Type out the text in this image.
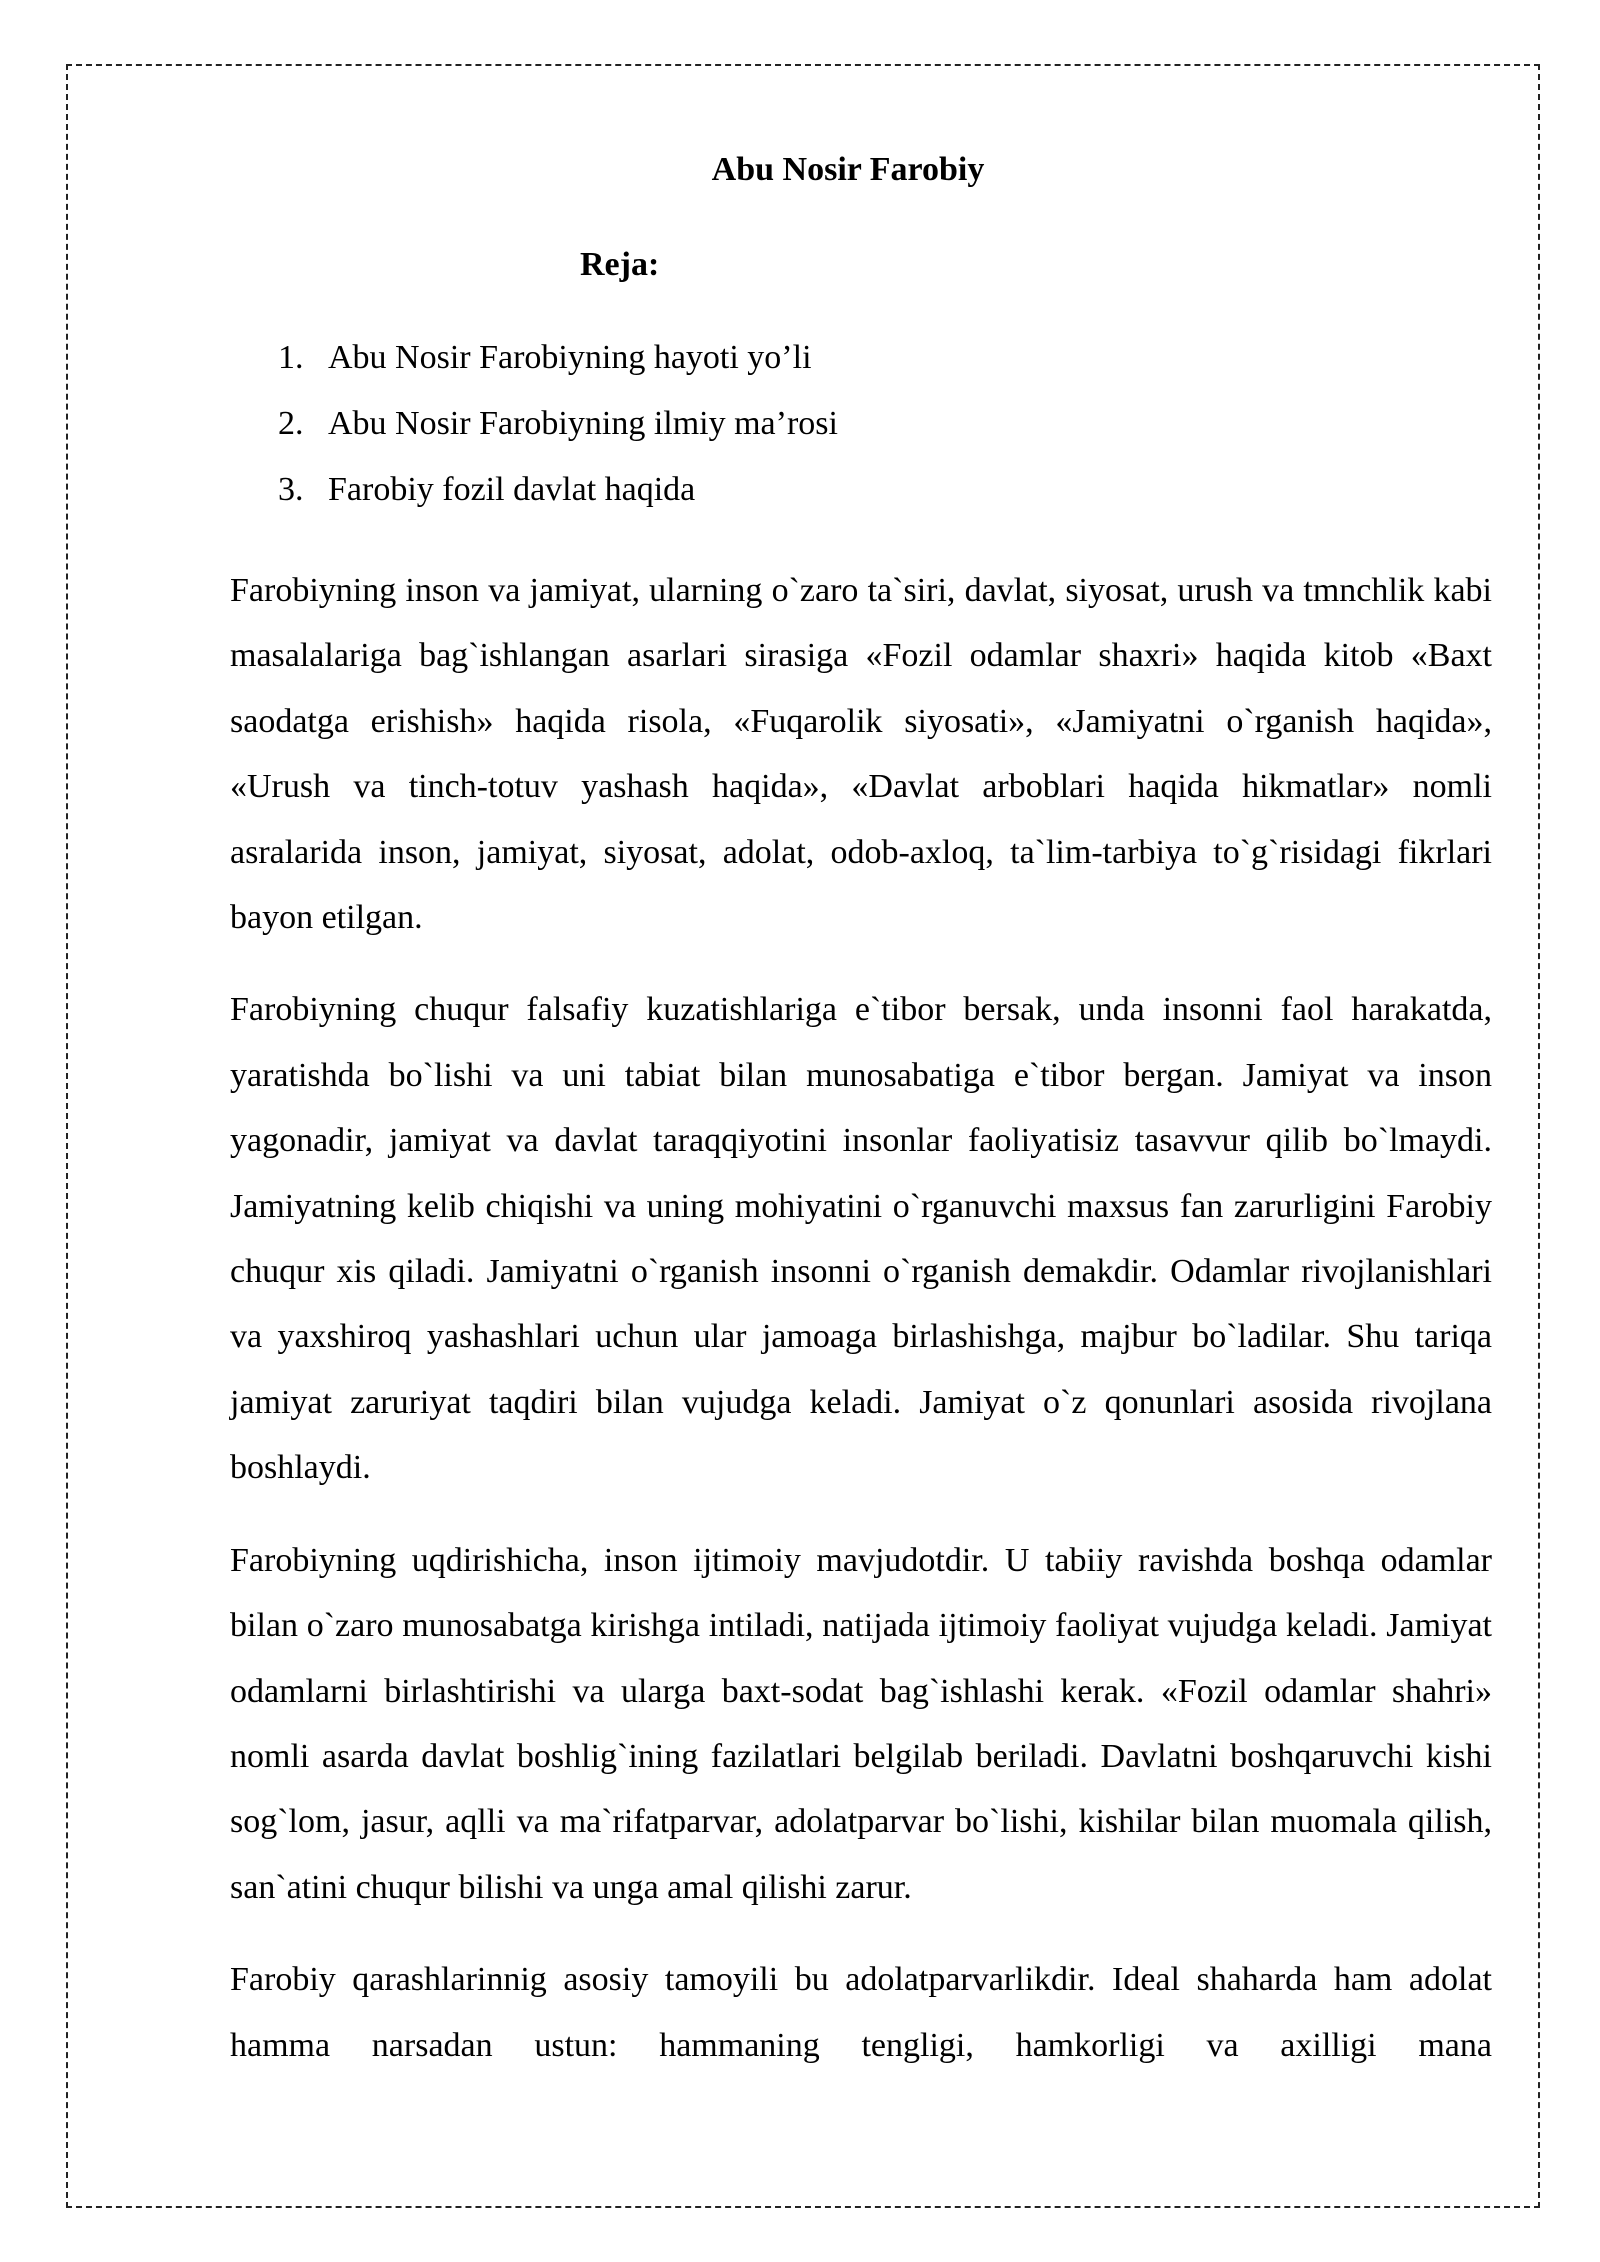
Abu Nosir Farobiy
Reja:
1. Abu Nosir Farobiyning hayoti yo’li
2. Abu Nosir Farobiyning ilmiy ma’rosi
3. Farobiy fozil davlat haqida

Farobiyning inson va jamiyat, ularning o`zaro ta`siri, davlat, siyosat, urush va tmnchlik kabi masalalariga bag`ishlangan asarlari sirasiga «Fozil odamlar shaxri» haqida kitob «Baxt saodatga erishish» haqida risola, «Fuqarolik siyosati», «Jamiyatni o`rganish haqida», «Urush va tinch-totuv yashash haqida», «Davlat arboblari haqida hikmatlar» nomli asralarida inson, jamiyat, siyosat, adolat, odob-axloq, ta`lim-tarbiya to`g`risidagi fikrlari bayon etilgan.

Farobiyning chuqur falsafiy kuzatishlariga e`tibor bersak, unda insonni faol harakatda, yaratishda bo`lishi va uni tabiat bilan munosabatiga e`tibor bergan. Jamiyat va inson yagonadir, jamiyat va davlat taraqqiyotini insonlar faoliyatisiz tasavvur qilib bo`lmaydi. Jamiyatning kelib chiqishi va uning mohiyatini o`rganuvchi maxsus fan zarurligini Farobiy chuqur xis qiladi. Jamiyatni o`rganish insonni o`rganish demakdir. Odamlar rivojlanishlari va yaxshiroq yashashlari uchun ular jamoaga birlashishga, majbur bo`ladilar. Shu tariqa jamiyat zaruriyat taqdiri bilan vujudga keladi. Jamiyat o`z qonunlari asosida rivojlana boshlaydi.

Farobiyning uqdirishicha, inson ijtimoiy mavjudotdir. U tabiiy ravishda boshqa odamlar bilan o`zaro munosabatga kirishga intiladi, natijada ijtimoiy faoliyat vujudga keladi. Jamiyat odamlarni birlashtirishi va ularga baxt-sodat bag`ishlashi kerak. «Fozil odamlar shahri» nomli asarda davlat boshlig`ining fazilatlari belgilab beriladi. Davlatni boshqaruvchi kishi sog`lom, jasur, aqlli va ma`rifatparvar, adolatparvar bo`lishi, kishilar bilan muomala qilish, san`atini chuqur bilishi va unga amal qilishi zarur.

Farobiy qarashlarinnig asosiy tamoyili bu adolatparvarlikdir. Ideal shaharda ham adolat hamma narsadan ustun: hammaning tengligi, hamkorligi va axilligi mana
